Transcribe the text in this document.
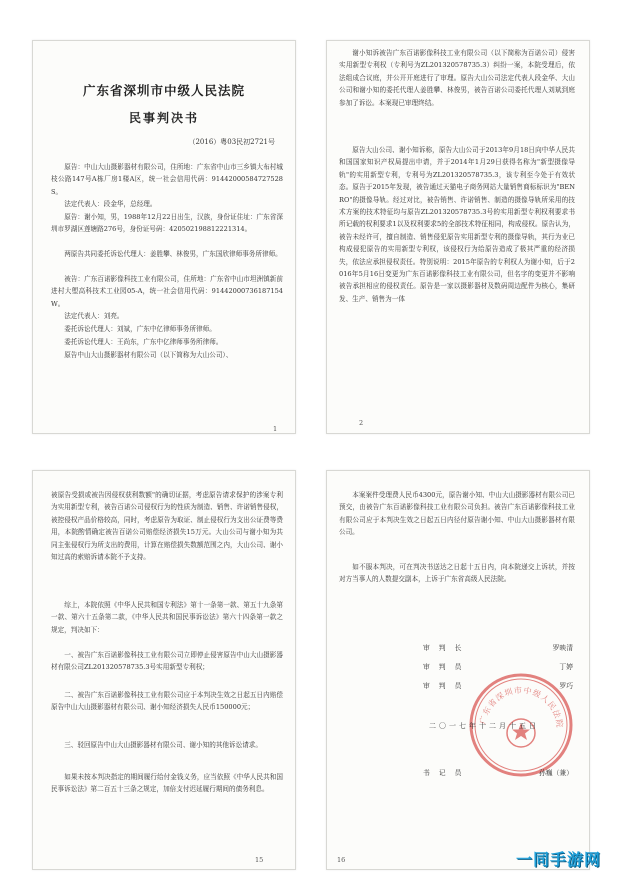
广东省深圳市中级人民法院
民事判决书
（2016）粤03民初2721号
原告：中山大山摄影器材有限公司，住所地：广东省中山市三乡镇大布村城枝公路147号A栋厂房1楼A区，统一社会信用代码：91442000584727528S。
法定代表人：段金华，总经理。
原告：谢小知，男，1988年12月22日出生，汉族，身份证住址：广东省深圳市罗湖区莲塘路276号，身份证号码：420502198812221314。
两原告共同委托诉讼代理人：姜胜攀、林俊男，广东国欣律师事务所律师。
被告：广东百诺影像科技工业有限公司，住所地：广东省中山市坦洲镇新前进村大塱高科技术工业园05-A，统一社会信用代码：91442000736187154W。
法定代表人：刘亮。
委托诉讼代理人：刘斌，广东中亿律师事务所律师。
委托诉讼代理人：王尚东，广东中亿律师事务所律师。
原告中山大山摄影器材有限公司（以下简称为大山公司）、
1
谢小知诉被告广东百诺影像科技工业有限公司（以下简称为百诺公司）侵害实用新型专利权（专利号为ZL201320578735.3）纠纷一案，本院受理后，依法组成合议庭，并公开开庭进行了审理。原告大山公司法定代表人段金华、大山公司和谢小知的委托代理人姜胜攀、林俊男，被告百诺公司委托代理人刘斌到庭参加了诉讼。本案现已审理终结。
原告大山公司、谢小知诉称，原告大山公司于2013年9月18日向中华人民共和国国家知识产权局提出申请，并于2014年1月29日获得名称为"新型摄像导轨"的实用新型专利，专利号为ZL201320578735.3，该专利至今处于有效状态。原告于2015年发现，被告通过天猫电子商务网站大量销售商标标识为"BENRO"的摄像导轨。经过对比，被告销售、许诺销售、制造的摄像导轨所采用的技术方案的技术特征均与原告ZL201320578735.3号的实用新型专利权利要求书所记载的权利要求1以及权利要求5的全部技术特征相同，构成侵权。原告认为，被告未经许可，擅自制造、销售侵犯原告实用新型专利的摄像导轨，其行为业已构成侵犯原告的实用新型专利权，该侵权行为给原告造成了极其严重的经济损失，依法应承担侵权责任。特别说明：2015年原告的专利权人为谢小知，后于2016年5月16日变更为广东百诺影像科技工业有限公司，但名字的变更并不影响被告承担相应的侵权责任。原告是一家以摄影器材及数码周边配件为核心，集研发、生产、销售为一体
2
被原告受损或被告因侵权获利数额"的确切证据，考虑原告请求保护的涉案专利为实用新型专利，被告百诺公司侵权行为的性质为制造、销售、许诺销售侵权，被控侵权产品价格较高，同时，考虑原告为取证、制止侵权行为支出公证费等费用，本院酌情确定被告百诺公司赔偿经济损失15万元。大山公司与谢小知为共同主张侵权行为所支出的费用，计算在赔偿损失数额范围之内，大山公司、谢小知过高的索赔诉请本院不予支持。
综上，本院依照《中华人民共和国专利法》第十一条第一款、第五十九条第一款、第六十五条第二款，《中华人民共和国民事诉讼法》第六十四条第一款之规定，判决如下：
一、被告广东百诺影像科技工业有限公司立即停止侵害原告中山大山摄影器材有限公司ZL201320578735.3号实用新型专利权；
二、被告广东百诺影像科技工业有限公司应于本判决生效之日起五日内赔偿原告中山大山摄影器材有限公司、谢小知经济损失人民币150000元；
三、驳回原告中山大山摄影器材有限公司、谢小知的其他诉讼请求。
如果未按本判决指定的期间履行给付金钱义务，应当依照《中华人民共和国民事诉讼法》第二百五十三条之规定，加倍支付迟延履行期间的债务利息。
15
本案案件受理费人民币4300元，原告谢小知、中山大山摄影器材有限公司已预交，由被告广东百诺影像科技工业有限公司负担。被告广东百诺影像科技工业有限公司应于本判决生效之日起五日内径付原告谢小知、中山大山摄影器材有限公司。
如不服本判决，可在判决书送达之日起十五日内，向本院递交上诉状，并按对方当事人的人数提交副本，上诉于广东省高级人民法院。
广东省深圳市中级人民法院
审判长	罗映清
审判员	丁婷
审判员	罗巧
二〇一七年十二月十五日
书记员	孙巍（兼）
16	一同手游网
